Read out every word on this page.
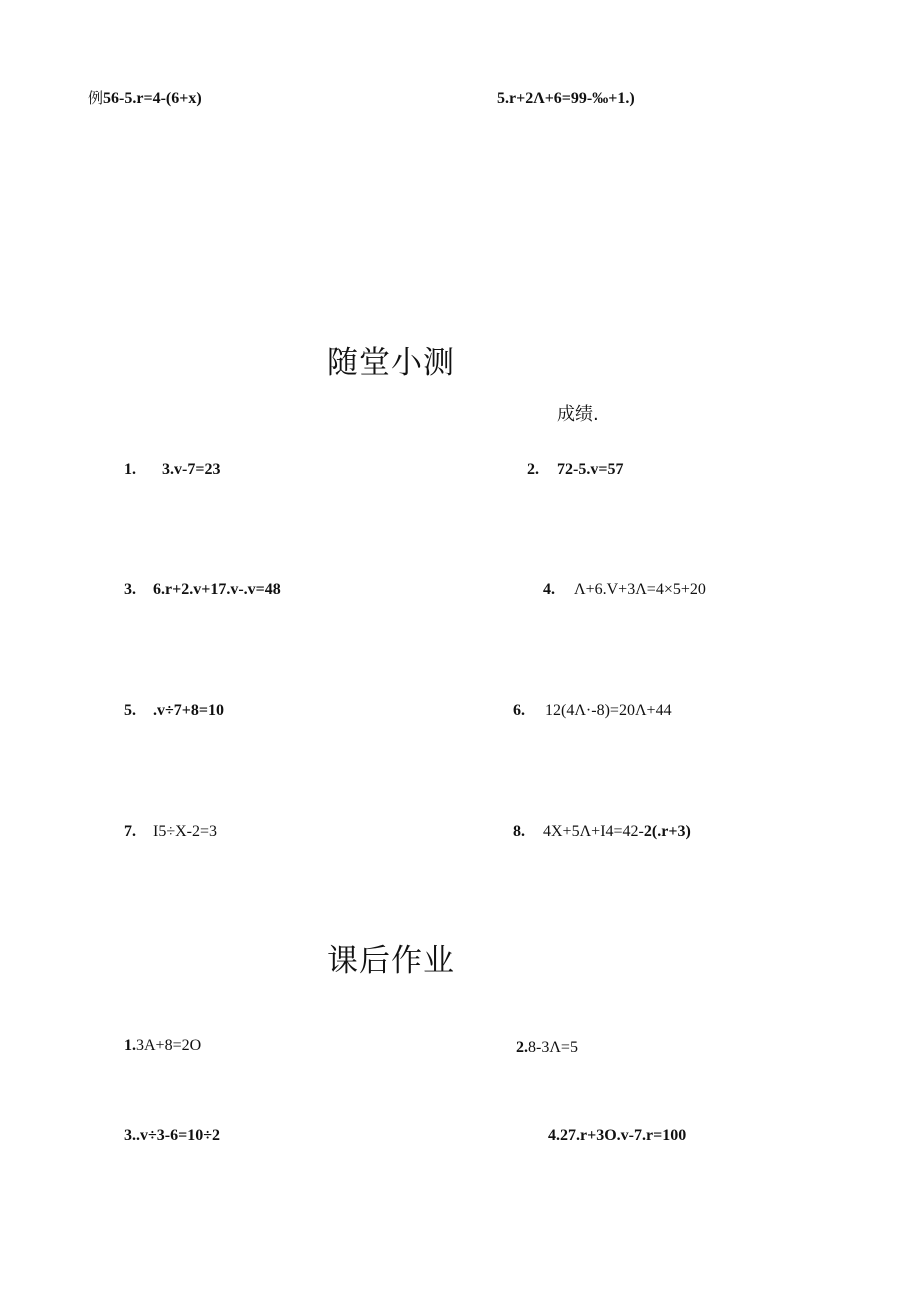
例56-5.r=4-(6+x)	5.r+2Λ+6=99-‰+1.)
随堂小测
成绩.
1. 3.v-7=23	2. 72-5.v=57
3. 6.r+2.v+17.v-.v=48	4. Λ+6.V+3Λ=4×5+20
5. .v÷7+8=10	6. 12(4Λ·-8)=20Λ+44
7. I5÷X-2=3	8. 4X+5Λ+I4=42-2(.r+3)
课后作业
1.3A+8=2O	2.8-3Λ=5
3..v÷3-6=10÷2	4.27.r+3O.v-7.r=100
